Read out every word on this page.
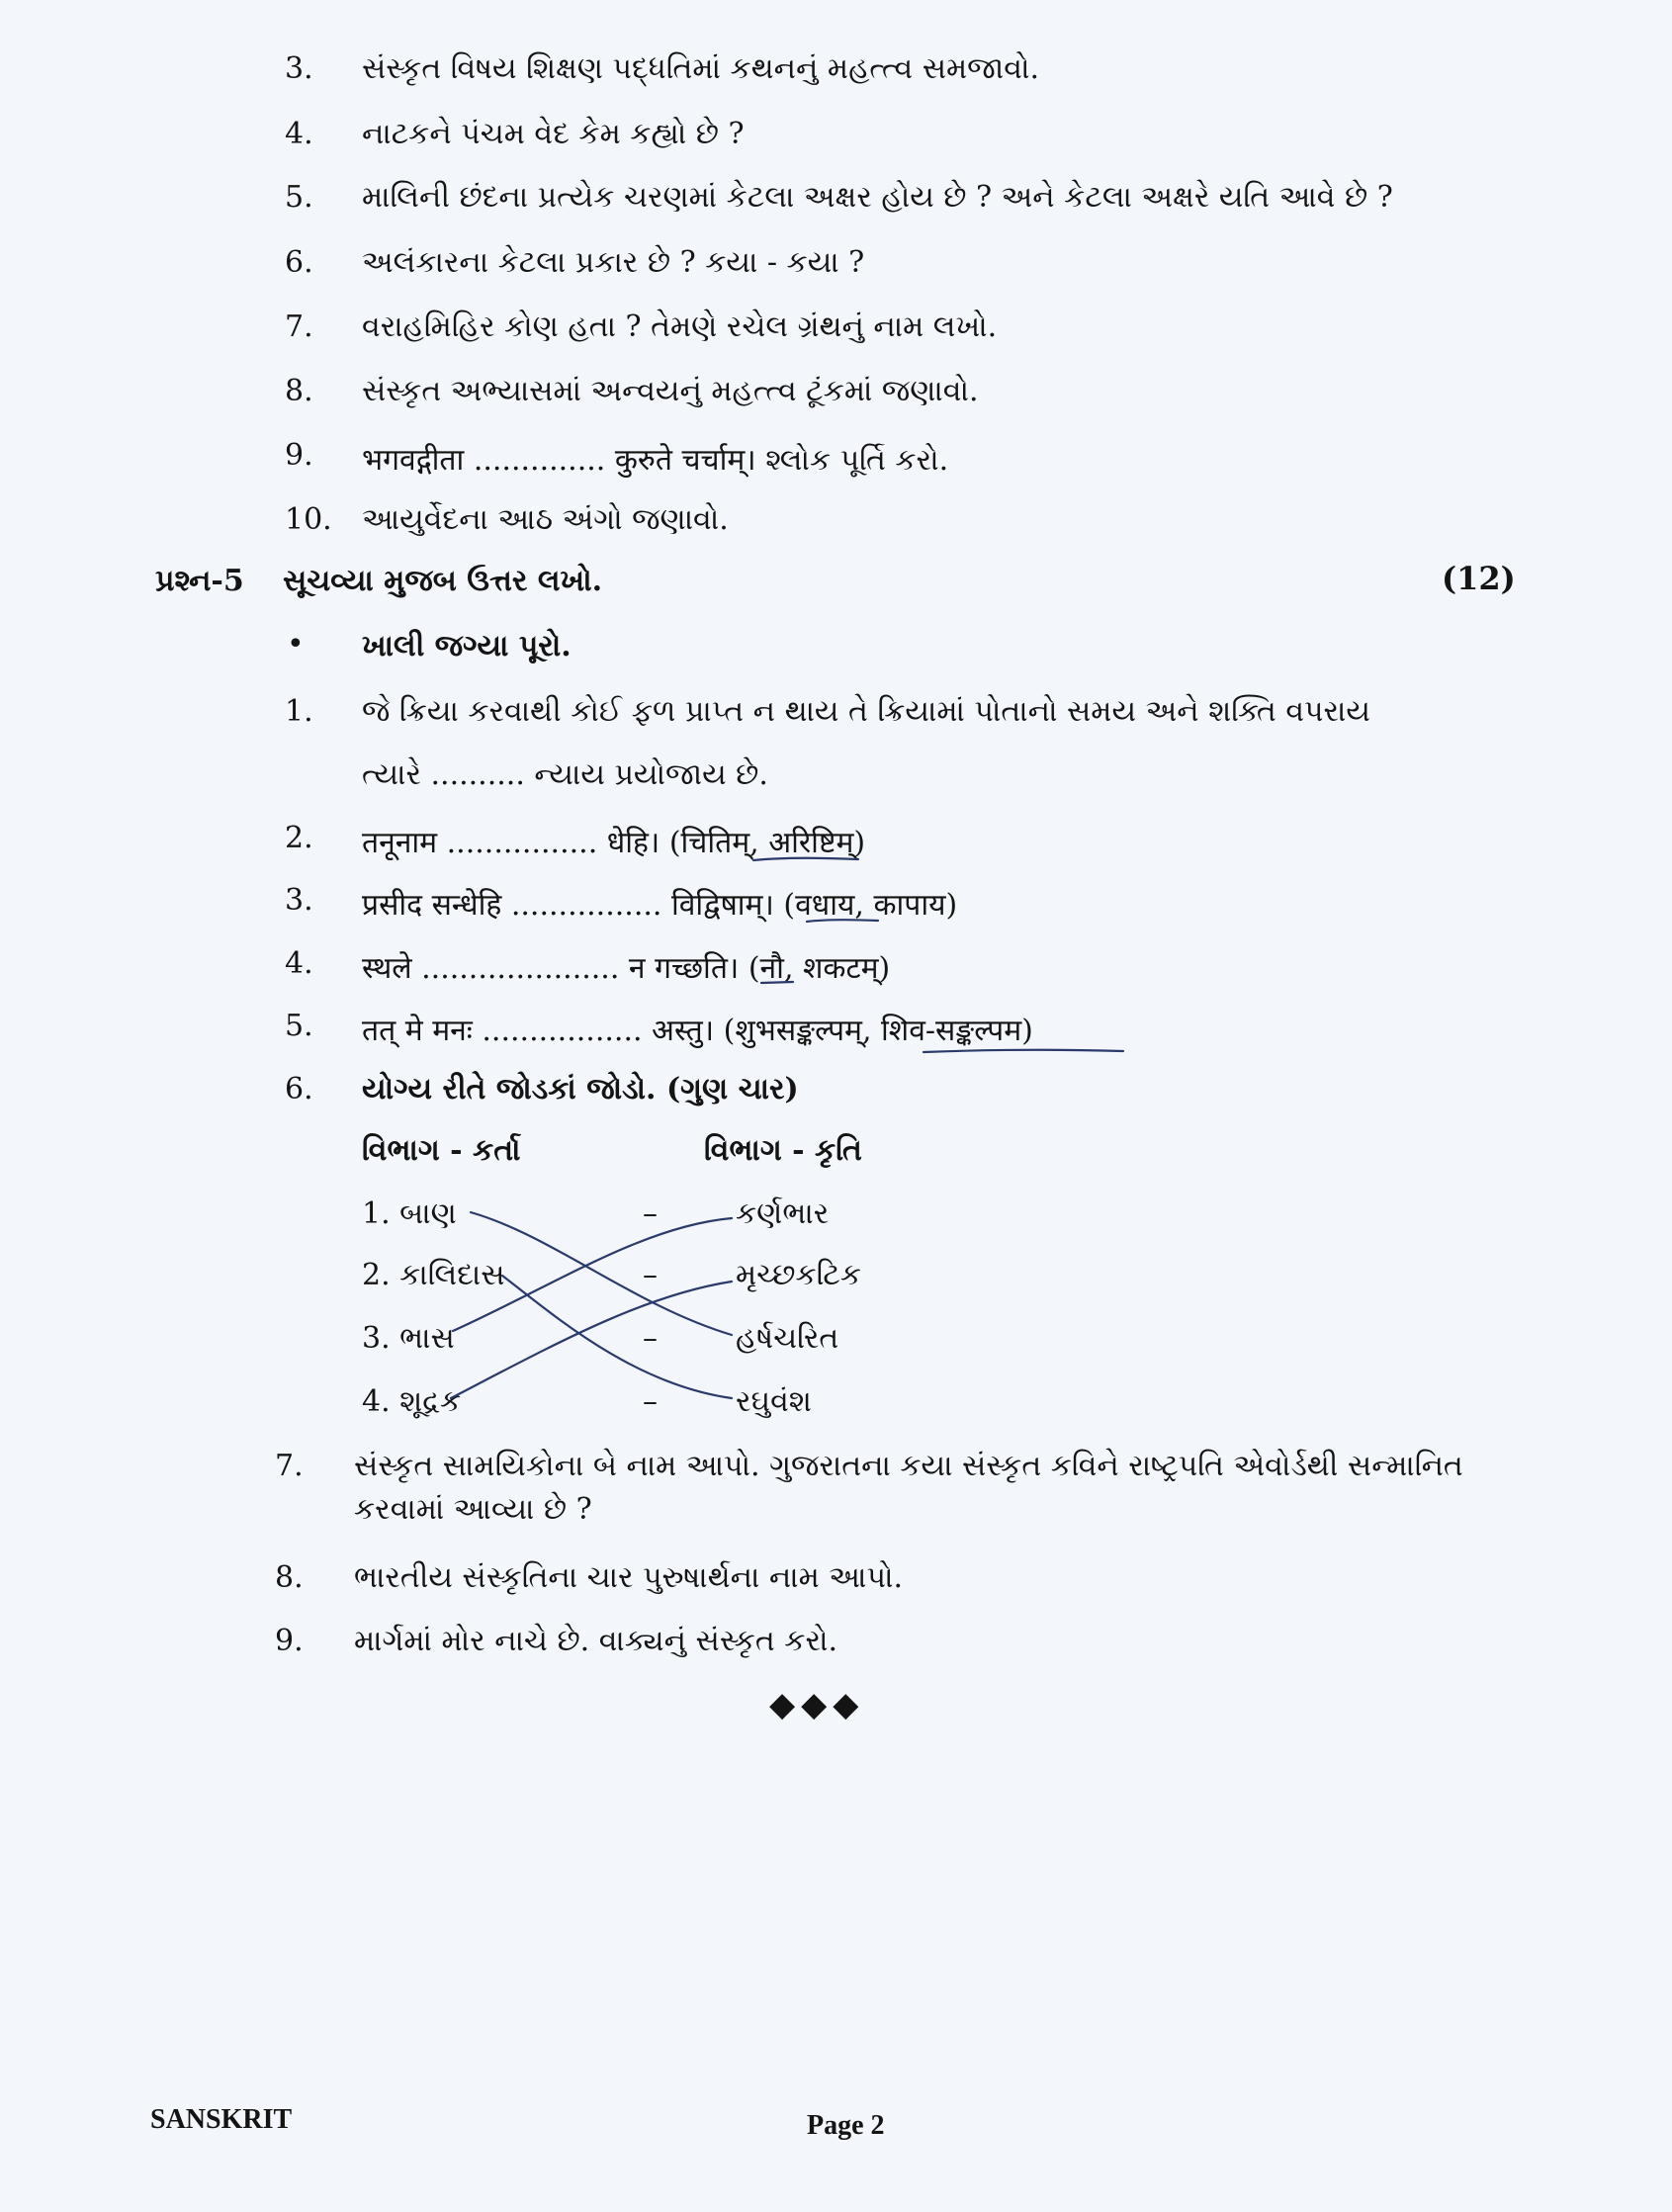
3.	સંસ્કૃત વિષય શિક્ષણ પદ્ધતિમાં કથનનું મહત્ત્વ સમજાવો.
4.	નાટકને પંચમ વેદ કેમ કહ્યો છે ?
5.	માલિની છંદના પ્રત્યેક ચરણમાં કેટલા અક્ષર હોય છે ? અને કેટલા અક્ષરે યતિ આવે છે ?
6.	અલંકારના કેટલા પ્રકાર છે ? કયા - કયા ?
7.	વરાહમિહિર કોણ હતા ? તેમણે રચેલ ગ્રંથનું નામ લખો.
8.	સંસ્કૃત અભ્યાસમાં અન્વયનું મહત્ત્વ ટૂંકમાં જણાવો.
9.	भगवद्गीता .............. कुरुते चर्चाम्। શ્લોક પૂર્તિ કરો.
10.	આયુર્વેદના આઠ અંગો જણાવો.
પ્રશ્ન-5 સૂચવ્યા મુજબ ઉત્તર લખો.	(12)
• ખાલી જગ્યા પૂરો.
1.	જે ક્રિયા કરવાથી કોઈ ફળ પ્રાપ્ત ન થાય તે ક્રિયામાં પોતાનો સમય અને શક્તિ વપરાય
ત્યારે .......... ન્યાય પ્રયોજાય છે.
2.	तनूनाम ................ धेहि। (चितिम्, अरिष्टिम्)
3.	प्रसीद सन्धेहि ................ विद्विषाम्। (वधाय, कापाय)
4.	स्थले ..................... न गच्छति। (नौ, शकटम्)
5.	तत् मे मनः ................. अस्तु। (शुभसङ्कल्पम्, शिव-सङ्कल्पम)
6.	યોગ્ય રીતે જોડકાં જોડો. (ગુણ ચાર)
વિભાગ - કર્તા	વિભાગ - કૃતિ
1. બાણ	–	કર્ણભાર
2. કાલિદાસ	–	મૃચ્છકટિક
3. ભાસ	–	હર્ષચરિત
4. શૂદ્રક	–	રઘુવંશ
7.	સંસ્કૃત સામયિકોના બે નામ આપો. ગુજરાતના કયા સંસ્કૃત કવિને રાષ્ટ્રપતિ એવોર્ડથી સન્માનિત
કરવામાં આવ્યા છે ?
8.	ભારતીય સંસ્કૃતિના ચાર પુરુષાર્થના નામ આપો.
9.	માર્ગમાં મોર નાચે છે. વાક્યનું સંસ્કૃત કરો.
◆◆◆
SANSKRIT	Page 2
